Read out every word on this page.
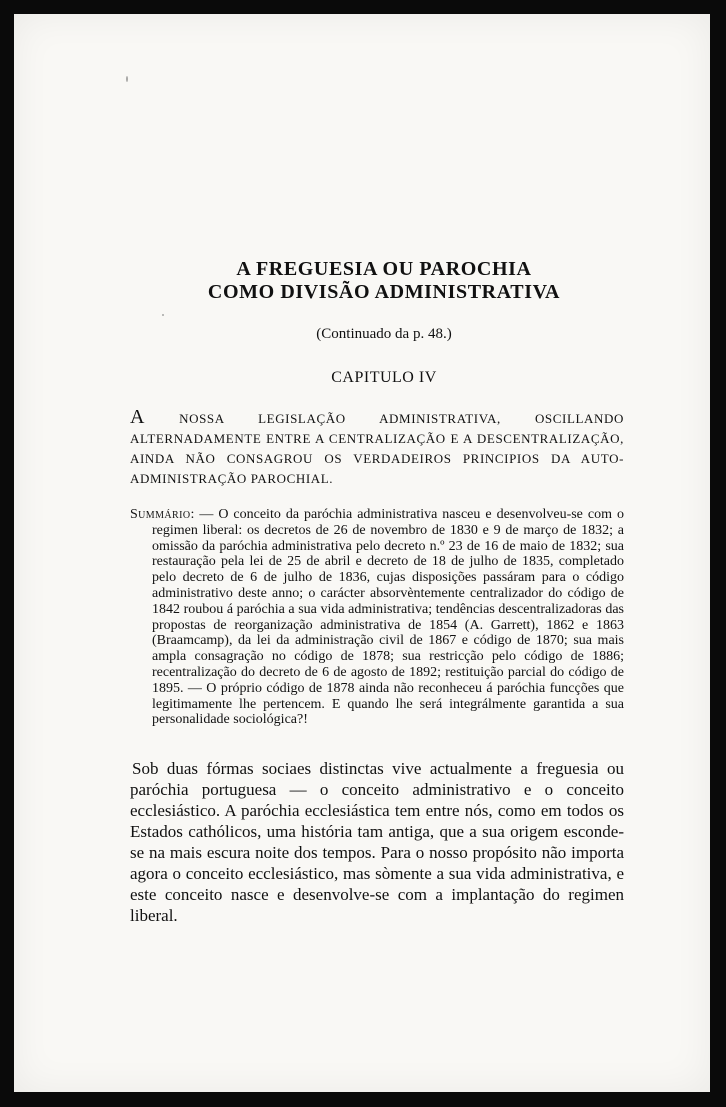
A FREGUESIA OU PAROCHIA
COMO DIVISÃO ADMINISTRATIVA
(Continuado da p. 48.)
CAPITULO IV
A NOSSA LEGISLAÇÃO ADMINISTRATIVA, OSCILLANDO ALTERNADAMENTE ENTRE A CENTRALIZAÇÃO E A DESCENTRALIZAÇÃO, AINDA NÃO CONSAGROU OS VERDADEIROS PRINCIPIOS DA AUTO-ADMINISTRAÇÃO PAROCHIAL.
Summário: — O conceito da paróchia administrativa nasceu e desenvolveu-se com o regimen liberal: os decretos de 26 de novembro de 1830 e 9 de março de 1832; a omissão da paróchia administrativa pelo decreto n.º 23 de 16 de maio de 1832; sua restauração pela lei de 25 de abril e decreto de 18 de julho de 1835, completado pelo decreto de 6 de julho de 1836, cujas disposições passáram para o código administrativo deste anno; o carácter absorvèntemente centralizador do código de 1842 roubou á paróchia a sua vida administrativa; tendências descentralizadoras das propostas de reorganização administrativa de 1854 (A. Garrett), 1862 e 1863 (Braamcamp), da lei da administração civil de 1867 e código de 1870; sua mais ampla consagração no código de 1878; sua restricção pelo código de 1886; recentralização do decreto de 6 de agosto de 1892; restituição parcial do código de 1895. — O próprio código de 1878 ainda não reconheceu á paróchia funcções que legitimamente lhe pertencem. E quando lhe será integrálmente garantida a sua personalidade sociológica?!
Sob duas fórmas sociaes distinctas vive actualmente a freguesia ou paróchia portuguesa — o conceito administrativo e o conceito ecclesiástico. A paróchia ecclesiástica tem entre nós, como em todos os Estados cathólicos, uma história tam antiga, que a sua origem esconde-se na mais escura noite dos tempos. Para o nosso propósito não importa agora o conceito ecclesiástico, mas sòmente a sua vida administrativa, e este conceito nasce e desenvolve-se com a implantação do regimen liberal.
